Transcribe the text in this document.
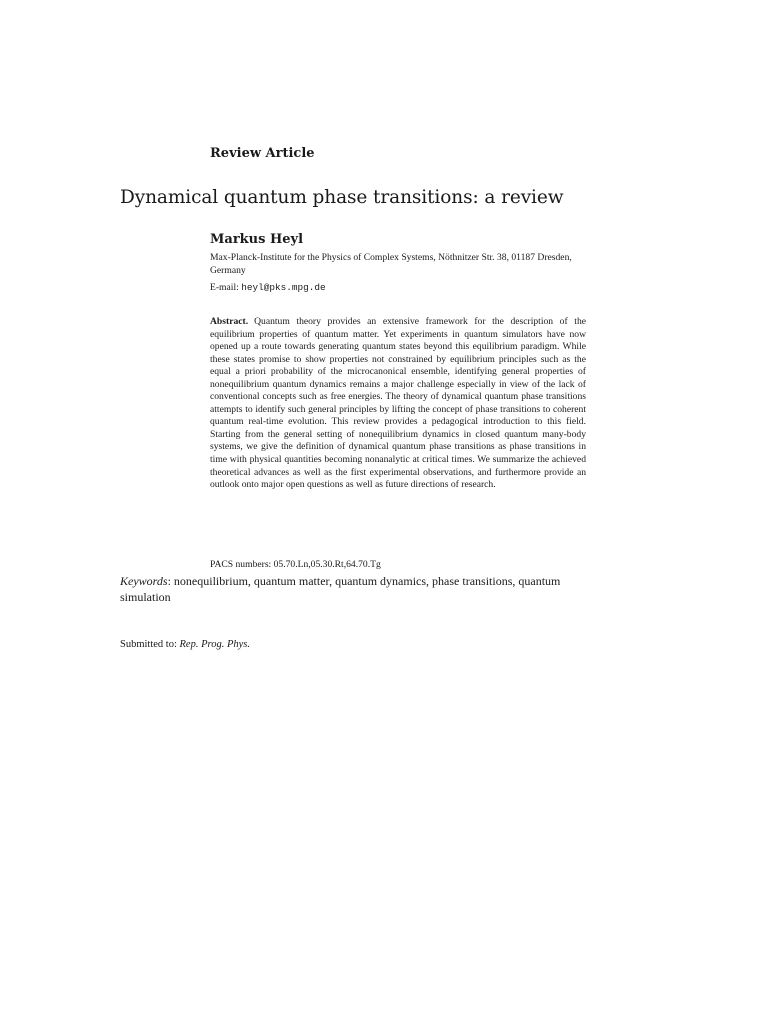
Review Article
Dynamical quantum phase transitions: a review
Markus Heyl
Max-Planck-Institute for the Physics of Complex Systems, Nöthnitzer Str. 38, 01187 Dresden, Germany
E-mail: heyl@pks.mpg.de
Abstract. Quantum theory provides an extensive framework for the description of the equilibrium properties of quantum matter. Yet experiments in quantum simulators have now opened up a route towards generating quantum states beyond this equilibrium paradigm. While these states promise to show properties not constrained by equilibrium principles such as the equal a priori probability of the microcanonical ensemble, identifying general properties of nonequilibrium quantum dynamics remains a major challenge especially in view of the lack of conventional concepts such as free energies. The theory of dynamical quantum phase transitions attempts to identify such general principles by lifting the concept of phase transitions to coherent quantum real-time evolution. This review provides a pedagogical introduction to this field. Starting from the general setting of nonequilibrium dynamics in closed quantum many-body systems, we give the definition of dynamical quantum phase transitions as phase transitions in time with physical quantities becoming nonanalytic at critical times. We summarize the achieved theoretical advances as well as the first experimental observations, and furthermore provide an outlook onto major open questions as well as future directions of research.
PACS numbers: 05.70.Ln,05.30.Rt,64.70.Tg
Keywords: nonequilibrium, quantum matter, quantum dynamics, phase transitions, quantum simulation
Submitted to: Rep. Prog. Phys.
